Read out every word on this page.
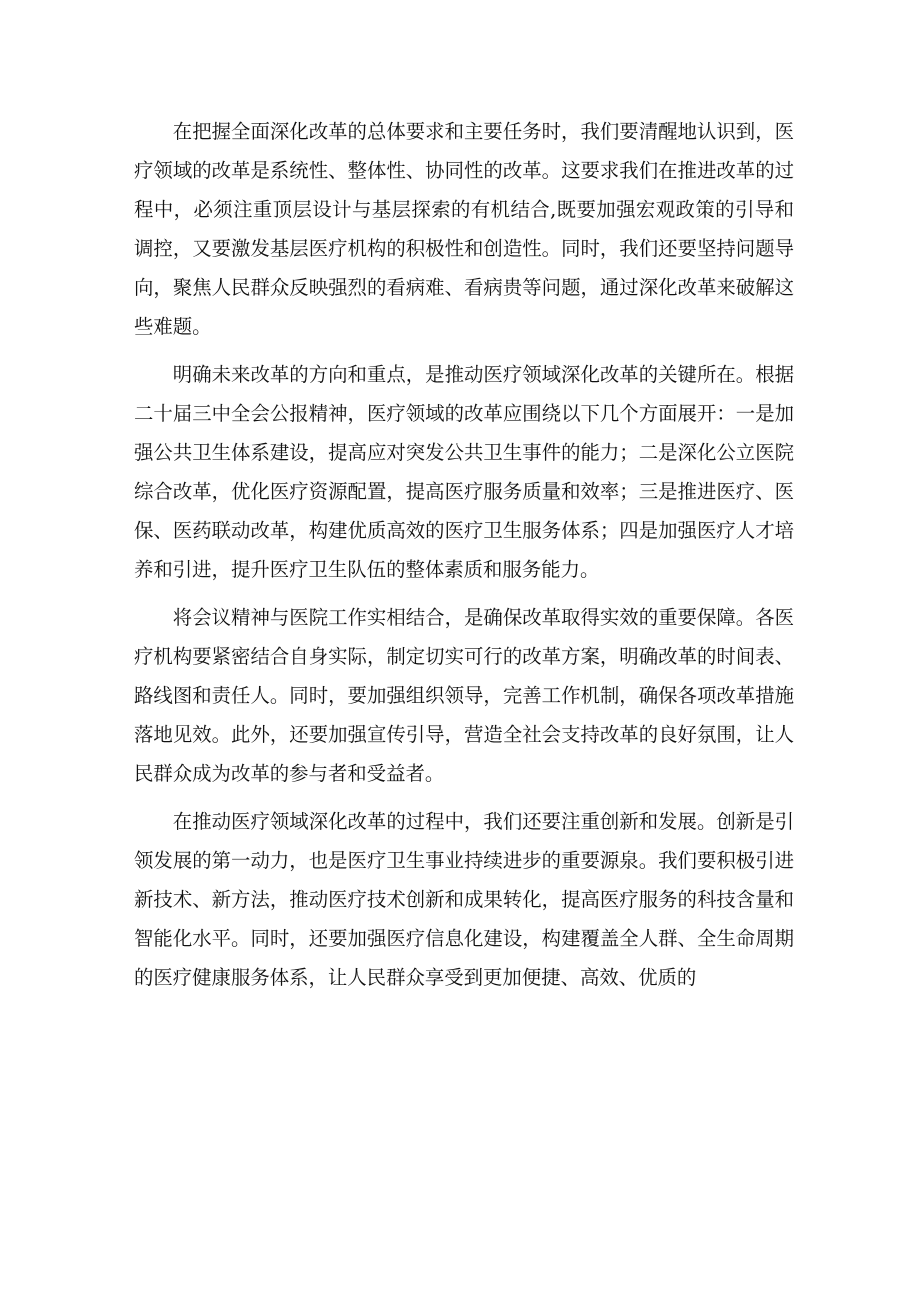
在把握全面深化改革的总体要求和主要任务时，我们要清醒地认识到，医疗领域的改革是系统性、整体性、协同性的改革。这要求我们在推进改革的过程中，必须注重顶层设计与基层探索的有机结合,既要加强宏观政策的引导和调控，又要激发基层医疗机构的积极性和创造性。同时，我们还要坚持问题导向，聚焦人民群众反映强烈的看病难、看病贵等问题，通过深化改革来破解这些难题。

明确未来改革的方向和重点，是推动医疗领域深化改革的关键所在。根据二十届三中全会公报精神，医疗领域的改革应围绕以下几个方面展开：一是加强公共卫生体系建设，提高应对突发公共卫生事件的能力；二是深化公立医院综合改革，优化医疗资源配置，提高医疗服务质量和效率；三是推进医疗、医保、医药联动改革，构建优质高效的医疗卫生服务体系；四是加强医疗人才培养和引进，提升医疗卫生队伍的整体素质和服务能力。

将会议精神与医院工作实相结合，是确保改革取得实效的重要保障。各医疗机构要紧密结合自身实际，制定切实可行的改革方案，明确改革的时间表、路线图和责任人。同时，要加强组织领导，完善工作机制，确保各项改革措施落地见效。此外，还要加强宣传引导，营造全社会支持改革的良好氛围，让人民群众成为改革的参与者和受益者。

在推动医疗领域深化改革的过程中，我们还要注重创新和发展。创新是引领发展的第一动力，也是医疗卫生事业持续进步的重要源泉。我们要积极引进新技术、新方法，推动医疗技术创新和成果转化，提高医疗服务的科技含量和智能化水平。同时，还要加强医疗信息化建设，构建覆盖全人群、全生命周期的医疗健康服务体系，让人民群众享受到更加便捷、高效、优质的
